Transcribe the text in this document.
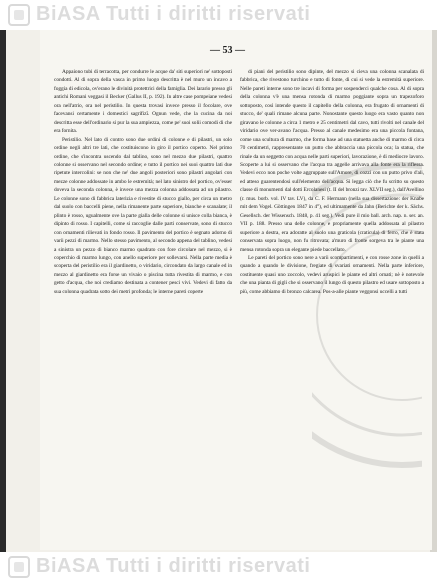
BiASA Tutti i diritti riservati
— 53 —

Appaiono tubi di terracotta, per condurre le acque da' siti superiori ne' sottoposti condotti. Al di sopra della vasca in primo luogo descritta è nel muro un incavo a foggia di edicola, ov'erano le divinità protettrici della famiglia. Dei larario presso gli antichi Romani veggasi il Becker (Gallus II, p. 192). In altre case pompeiane vedesi ora nell'atrio, ora nel peristilio. In questa trovasi invece presso il focolare, ove facevansi certamente i domestici sagrifizî. Ognun vede, che la cucina da noi descritta esse dell'ordinario si pur la sua ampiezza, come pe' suoi solii comodi di che era fornita.

Peristilio. Nel lato di contro sono due ordini di colonne e di pilastri, un solo ordine negli altri tre lati, che costituiscono in giro il portico coperto. Nel primo ordine, che s'incontra uscendo dal tablino, sono nel mezzo due pilastri, quattro colonne si osservano nel secondo ordine; e tutto il portico nei suoi quattro lati due ripetute intercolini: se non che ne' due angoli posteriori sono pilastri angolari con mezze colonne addossate in ambo le estremità; nel lato sinistro del portico, ov'esser doveva la seconda colonna, è invece una mezza colonna addossata ad un pilastro. Le colonne sono di fabbrica laterizia e rivestite di stucco giallo, per circa un metro dal suolo con baccelli piene, nella rimanente parte superiore, bianche e scanalate; il plinto è rosso, ugualmente ove la parte gialla delle colonne si unisce colla bianca, è dipinto di rosso. I capitelli, come si raccoglie dalle parti conservate, sono di stucco con ornamenti rilievati in fondo rosso. Il pavimento del portico è segnato adorno di varii pezzi di marmo. Nello stesso pavimento, al secondo appena del tablino, vedesi a sinistra un pezzo di bianco marmo quadrato con fore circolare nel mezzo, si è coperchio di marmo lungo, con anello superiore per sollevarsi. Nella parte media è scoperta del peristilio era il giardinetto, o viridario, circondato da largo canale ed in mezzo al giardinetto era forse un vivaio o piscina tutta rivestita di marmo, e con getto d'acqua, che noi crediamo destinata a contener pesci vivi. Vedevi di fatto da sua colonna quadrata sotto dei metri profonda; le interne pareti coperte

di piani del peristilio sono dipinte, del mezzo si cieva una colonna scanalata di fabbrica, che rivestono turchino e tutto di fonte, di cui si vede la estremità superiore. Nelle pareti interne sono tre incavi di forma per sospenderci qualche cosa. Al di sopra della colonna v'è una mensa rotonda di marmo poggiante sopra un trapezoforo sottoposto, così intende questo il capitello della colonna, era frugato di ornamenti di stucco, de' quali rimane alcuna parte. Nonostante questo luogo era vasto quanto non giravano le colonne a circa 1 metro e 25 centimetri dal cavo, tutti rivolti nel canale del viridario ove ver-avano l'acqua. Presso al canale medesimo era una piccola fontana, come una scultura di marmo, che forma base ad una statuetta anche di marmo di circa 70 centimetri, rappresentante un putto che abbraccia una piccola oca; la statua, che rinale da un seggetto con acqua nelle parti superiori, lavorazione, è di mediocre lavoro. Scoperte a lui si osservano che l'acqua tra aggelle arrivava alla fonte era la riflessa. Vedevi ecco non poche volte aggruppate sull'Amore, di cozzi con un putto privo d'ali, ed atteso guarentendosi sull'elemento dell'acqua. Si legga ciò che fu scritto su questo classe di monumenti dal dotti Ercolanesi (t. II del bronzi tav. XLVII seg.), dall'Avellino (r. mus. borb. vol. IV tav. LV), da C. F. Hermann (nella sua dissertazione: der Knabe mit dem Vogel. Göttingen 1847 in 4°), ed ultimamente da Jahn (Berichte der k. Sächs. Gesellsch. der Wissensch. 1848, p. 41 seg.). Vedi pure il mio ball. arch. nap. n. ser. an. VII p. 188. Presso una delle colonne, e propriamente quella addossata al pilastro superiore a destra, era adoratte al suolo una graticola (craticula) di ferro, che è stata conservata sopra luogo, non fu ritrovata; a'muro di fronte sorgeva tra le piante una mensa rotonda sopra un elegante piede baccellato.

Le pareti del portico sono nere a varii scompartimenti, e con rosse zone in quelli a quando a quando le divisione, fregiate di svariati ornamenti. Nella parte inferiore, costituente quasi uno zoccolo, vedevi aruspici le piante ed altri ornati; nè è notevole che una pianta di gigli che si osservano il lungo di questo pilastro ed usare sottoposto a più, come abbiamo di bronzo calcarea. Pos-a-alle piante veggonsi uccelli a tutti

BiASA Tutti i diritti riservati
